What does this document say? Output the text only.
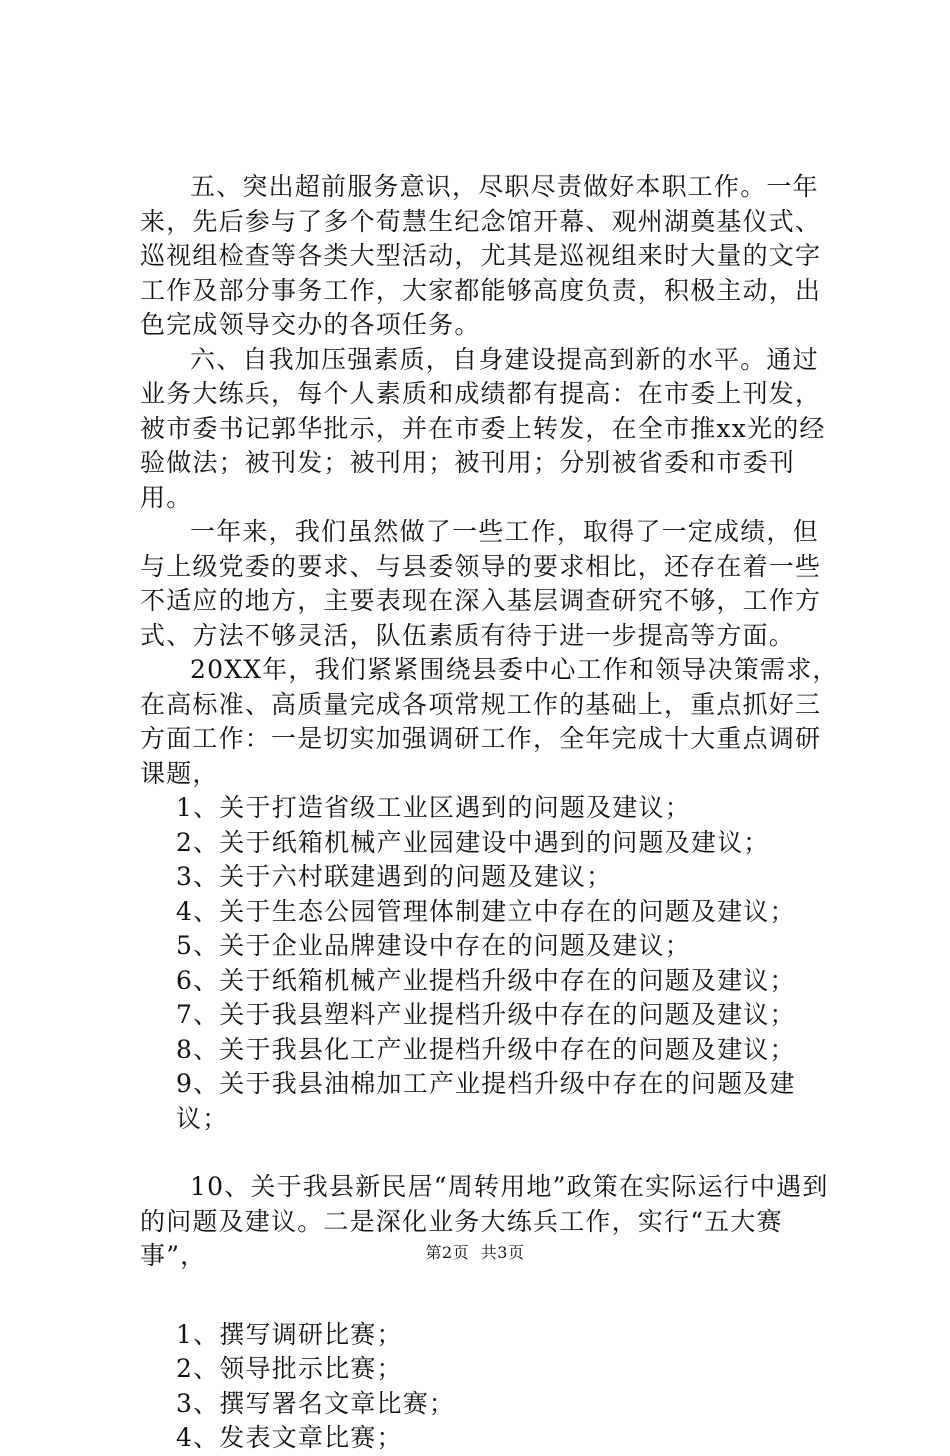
五、突出超前服务意识，尽职尽责做好本职工作。一年来，先后参与了多个荀慧生纪念馆开幕、观州湖奠基仪式、巡视组检查等各类大型活动，尤其是巡视组来时大量的文字工作及部分事务工作，大家都能够高度负责，积极主动，出色完成领导交办的各项任务。

六、自我加压强素质，自身建设提高到新的水平。通过业务大练兵，每个人素质和成绩都有提高：在市委上刊发，被市委书记郭华批示，并在市委上转发，在全市推xx光的经验做法；被刊发；被刊用；被刊用；分别被省委和市委刊用。

一年来，我们虽然做了一些工作，取得了一定成绩，但与上级党委的要求、与县委领导的要求相比，还存在着一些不适应的地方，主要表现在深入基层调查研究不够，工作方式、方法不够灵活，队伍素质有待于进一步提高等方面。

20XX年，我们紧紧围绕县委中心工作和领导决策需求，在高标准、高质量完成各项常规工作的基础上，重点抓好三方面工作：一是切实加强调研工作，全年完成十大重点调研课题，

1、关于打造省级工业区遇到的问题及建议；

2、关于纸箱机械产业园建设中遇到的问题及建议；

3、关于六村联建遇到的问题及建议；

4、关于生态公园管理体制建立中存在的问题及建议；

5、关于企业品牌建设中存在的问题及建议；

6、关于纸箱机械产业提档升级中存在的问题及建议；

7、关于我县塑料产业提档升级中存在的问题及建议；

8、关于我县化工产业提档升级中存在的问题及建议；

9、关于我县油棉加工产业提档升级中存在的问题及建议；

10、关于我县新民居“周转用地”政策在实际运行中遇到的问题及建议。二是深化业务大练兵工作，实行“五大赛事”，

1、撰写调研比赛；

2、领导批示比赛；

3、撰写署名文章比赛；

4、发表文章比赛；

第2页 共3页
